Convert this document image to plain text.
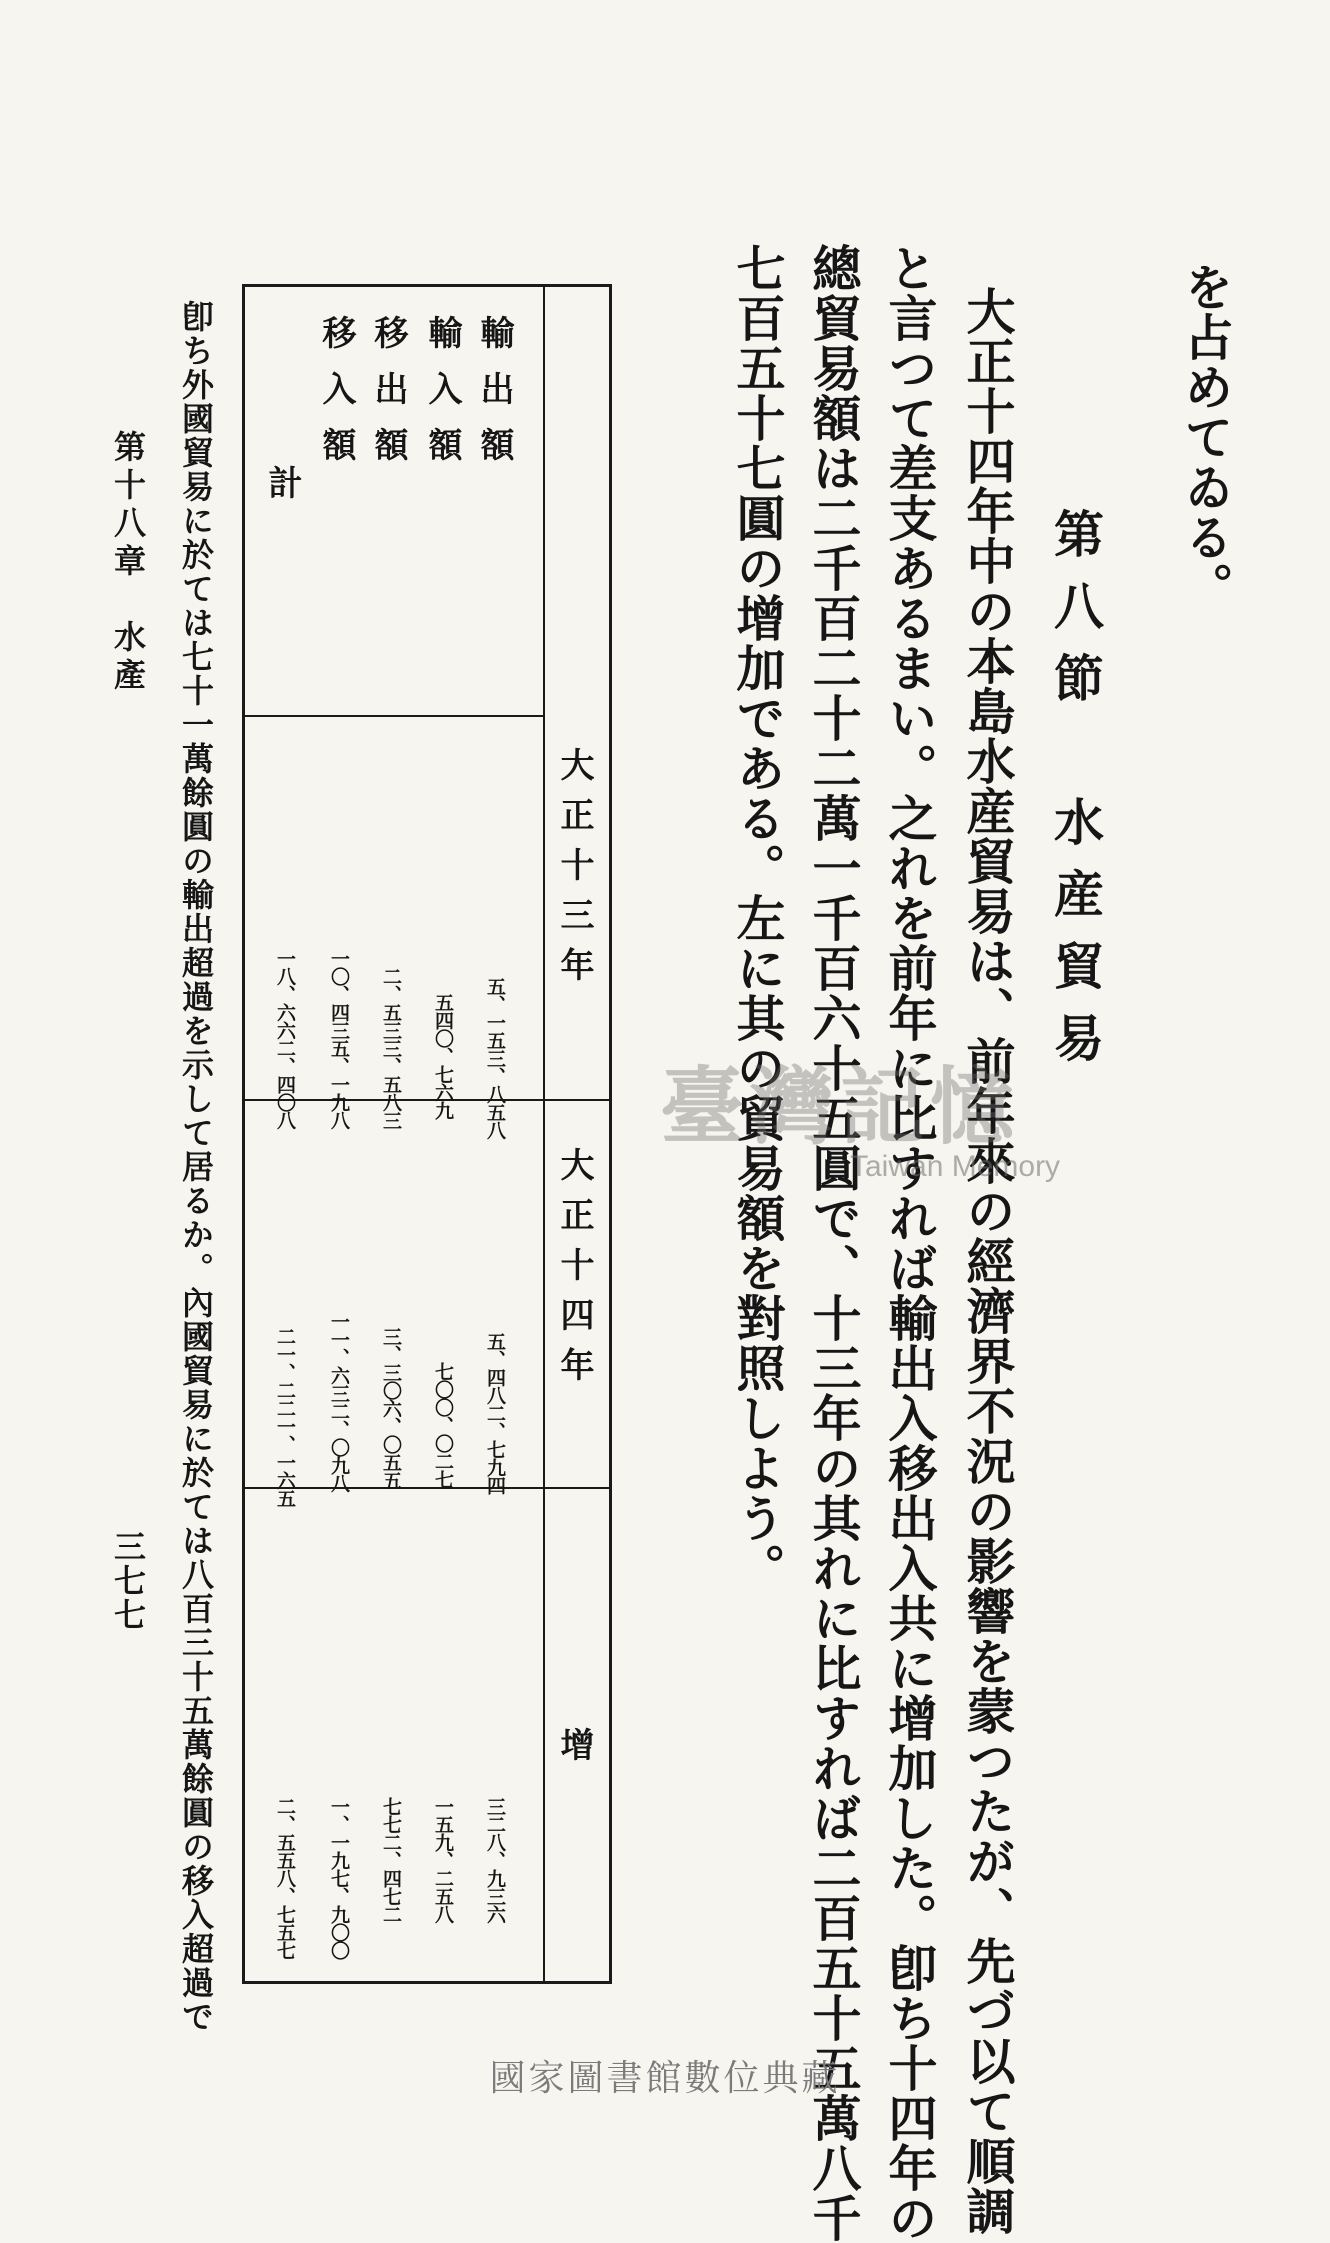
を占めてゐる。
第八節　水産貿易
大正十四年中の本島水産貿易は、前年來の經濟界不況の影響を蒙つたが、先づ以て順調
と言つて差支あるまい。之れを前年に比すれば輸出入移出入共に增加した。卽ち十四年の
總貿易額は二千百二十二萬一千百六十五圓で、十三年の其れに比すれば二百五十五萬八千
七百五十七圓の增加である。左に其の貿易額を對照しよう。
大正十三年
大正十四年
增
輸出額
輸入額
移出額
移入額
計
五、一五三、八五八
五四〇、七六九
二、五三三、五八三
一〇、四三五、一九八
一八、六六二、四〇八
五、四八二、七九四
七〇〇、〇二七
三、三〇六、〇五五
一一、六三二、〇九八
二一、二二一、一六五
三二八、九三六
一五九、二五八
七七二、四七二
一、一九七、九〇〇
二、五五八、七五七
卽ち外國貿易に於ては七十一萬餘圓の輸出超過を示して居るか。內國貿易に於ては八百三十五萬餘圓の移入超過で
第十八章　水產
三七七
臺灣記憶
Taiwan Memory
國家圖書館數位典藏
